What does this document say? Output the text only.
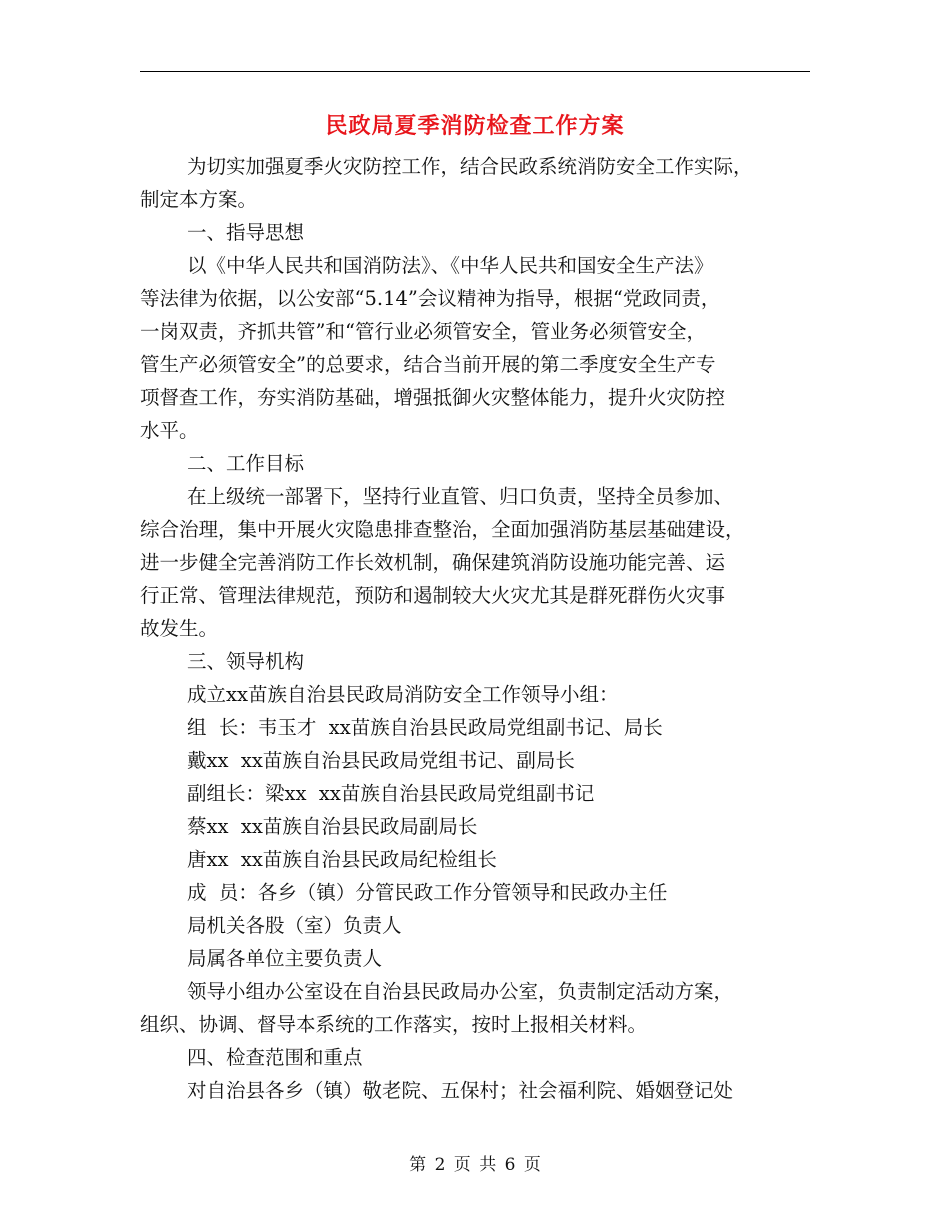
民政局夏季消防检查工作方案
为切实加强夏季火灾防控工作，结合民政系统消防安全工作实际，
制定本方案。
一、指导思想
以《中华人民共和国消防法》、《中华人民共和国安全生产法》
等法律为依据，以公安部“5.14”会议精神为指导，根据“党政同责，
一岗双责，齐抓共管”和“管行业必须管安全，管业务必须管安全，
管生产必须管安全”的总要求，结合当前开展的第二季度安全生产专
项督查工作，夯实消防基础，增强抵御火灾整体能力，提升火灾防控
水平。
二、工作目标
在上级统一部署下，坚持行业直管、归口负责，坚持全员参加、
综合治理，集中开展火灾隐患排查整治，全面加强消防基层基础建设，
进一步健全完善消防工作长效机制，确保建筑消防设施功能完善、运
行正常、管理法律规范，预防和遏制较大火灾尤其是群死群伤火灾事
故发生。
三、领导机构
成立xx苗族自治县民政局消防安全工作领导小组：
组  长：韦玉才  xx苗族自治县民政局党组副书记、局长
戴xx  xx苗族自治县民政局党组书记、副局长
副组长：梁xx  xx苗族自治县民政局党组副书记
蔡xx  xx苗族自治县民政局副局长
唐xx  xx苗族自治县民政局纪检组长
成  员：各乡（镇）分管民政工作分管领导和民政办主任
局机关各股（室）负责人
局属各单位主要负责人
领导小组办公室设在自治县民政局办公室，负责制定活动方案，
组织、协调、督导本系统的工作落实，按时上报相关材料。
四、检查范围和重点
对自治县各乡（镇）敬老院、五保村；社会福利院、婚姻登记处
第 2 页 共 6 页
